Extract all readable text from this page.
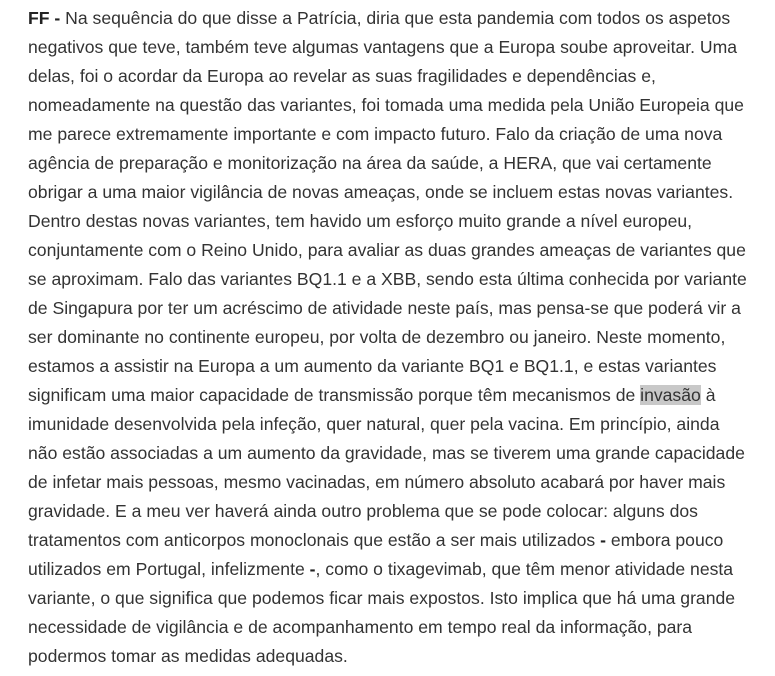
FF - Na sequência do que disse a Patrícia, diria que esta pandemia com todos os aspetos
negativos que teve, também teve algumas vantagens que a Europa soube aproveitar. Uma
delas, foi o acordar da Europa ao revelar as suas fragilidades e dependências e,
nomeadamente na questão das variantes, foi tomada uma medida pela União Europeia que
me parece extremamente importante e com impacto futuro. Falo da criação de uma nova
agência de preparação e monitorização na área da saúde, a HERA, que vai certamente
obrigar a uma maior vigilância de novas ameaças, onde se incluem estas novas variantes.
Dentro destas novas variantes, tem havido um esforço muito grande a nível europeu,
conjuntamente com o Reino Unido, para avaliar as duas grandes ameaças de variantes que
se aproximam. Falo das variantes BQ1.1 e a XBB, sendo esta última conhecida por variante
de Singapura por ter um acréscimo de atividade neste país, mas pensa-se que poderá vir a
ser dominante no continente europeu, por volta de dezembro ou janeiro. Neste momento,
estamos a assistir na Europa a um aumento da variante BQ1 e BQ1.1, e estas variantes
significam uma maior capacidade de transmissão porque têm mecanismos de invasão à
imunidade desenvolvida pela infeção, quer natural, quer pela vacina. Em princípio, ainda
não estão associadas a um aumento da gravidade, mas se tiverem uma grande capacidade
de infetar mais pessoas, mesmo vacinadas, em número absoluto acabará por haver mais
gravidade. E a meu ver haverá ainda outro problema que se pode colocar: alguns dos
tratamentos com anticorpos monoclonais que estão a ser mais utilizados - embora pouco
utilizados em Portugal, infelizmente -, como o tixagevimab, que têm menor atividade nesta
variante, o que significa que podemos ficar mais expostos. Isto implica que há uma grande
necessidade de vigilância e de acompanhamento em tempo real da informação, para
podermos tomar as medidas adequadas.
